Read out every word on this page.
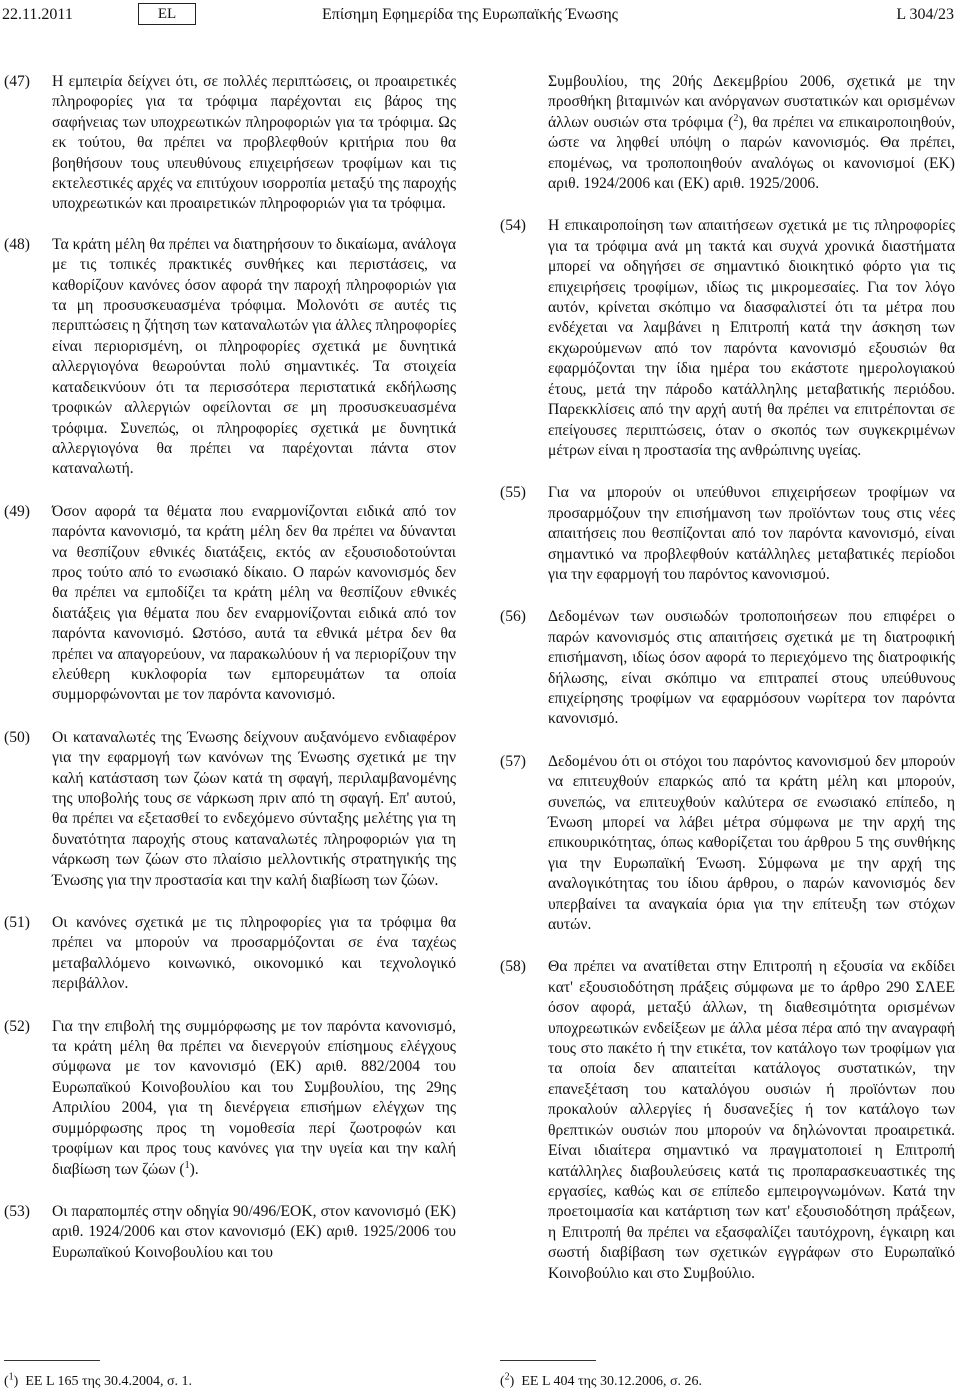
22.11.2011	EL	Επίσημη Εφημερίδα της Ευρωπαϊκής Ένωσης	L 304/23
(47)	Η εμπειρία δείχνει ότι, σε πολλές περιπτώσεις, οι προαιρετικές πληροφορίες για τα τρόφιμα παρέχονται εις βάρος της σαφήνειας των υποχρεωτικών πληροφοριών για τα τρόφιμα. Ως εκ τούτου, θα πρέπει να προβλεφθούν κριτήρια που θα βοηθήσουν τους υπευθύνους επιχειρήσεων τροφίμων και τις εκτελεστικές αρχές να επιτύχουν ισορροπία μεταξύ της παροχής υποχρεωτικών και προαιρετικών πληροφοριών για τα τρόφιμα.

(48)	Τα κράτη μέλη θα πρέπει να διατηρήσουν το δικαίωμα, ανάλογα με τις τοπικές πρακτικές συνθήκες και περιστάσεις, να καθορίζουν κανόνες όσον αφορά την παροχή πληροφοριών για τα μη προσυσκευασμένα τρόφιμα. Μολονότι σε αυτές τις περιπτώσεις η ζήτηση των καταναλωτών για άλλες πληροφορίες είναι περιορισμένη, οι πληροφορίες σχετικά με δυνητικά αλλεργιογόνα θεωρούνται πολύ σημαντικές. Τα στοιχεία καταδεικνύουν ότι τα περισσότερα περιστατικά εκδήλωσης τροφικών αλλεργιών οφείλονται σε μη προσυσκευασμένα τρόφιμα. Συνεπώς, οι πληροφορίες σχετικά με δυνητικά αλλεργιογόνα θα πρέπει να παρέχονται πάντα στον καταναλωτή.

(49)	Όσον αφορά τα θέματα που εναρμονίζονται ειδικά από τον παρόντα κανονισμό, τα κράτη μέλη δεν θα πρέπει να δύνανται να θεσπίζουν εθνικές διατάξεις, εκτός αν εξουσιοδοτούνται προς τούτο από το ενωσιακό δίκαιο. Ο παρών κανονισμός δεν θα πρέπει να εμποδίζει τα κράτη μέλη να θεσπίζουν εθνικές διατάξεις για θέματα που δεν εναρμονίζονται ειδικά από τον παρόντα κανονισμό. Ωστόσο, αυτά τα εθνικά μέτρα δεν θα πρέπει να απαγορεύουν, να παρακωλύουν ή να περιορίζουν την ελεύθερη κυκλοφορία των εμπορευμάτων τα οποία συμμορφώνονται με τον παρόντα κανονισμό.

(50)	Οι καταναλωτές της Ένωσης δείχνουν αυξανόμενο ενδιαφέρον για την εφαρμογή των κανόνων της Ένωσης σχετικά με την καλή κατάσταση των ζώων κατά τη σφαγή, περιλαμβανομένης της υποβολής τους σε νάρκωση πριν από τη σφαγή. Επ' αυτού, θα πρέπει να εξετασθεί το ενδεχόμενο σύνταξης μελέτης για τη δυνατότητα παροχής στους καταναλωτές πληροφοριών για τη νάρκωση των ζώων στο πλαίσιο μελλοντικής στρατηγικής της Ένωσης για την προστασία και την καλή διαβίωση των ζώων.

(51)	Οι κανόνες σχετικά με τις πληροφορίες για τα τρόφιμα θα πρέπει να μπορούν να προσαρμόζονται σε ένα ταχέως μεταβαλλόμενο κοινωνικό, οικονομικό και τεχνολογικό περιβάλλον.

(52)	Για την επιβολή της συμμόρφωσης με τον παρόντα κανονισμό, τα κράτη μέλη θα πρέπει να διενεργούν επίσημους ελέγχους σύμφωνα με τον κανονισμό (ΕΚ) αριθ. 882/2004 του Ευρωπαϊκού Κοινοβουλίου και του Συμβουλίου, της 29ης Απριλίου 2004, για τη διενέργεια επισήμων ελέγχων της συμμόρφωσης προς τη νομοθεσία περί ζωοτροφών και τροφίμων και προς τους κανόνες για την υγεία και την καλή διαβίωση των ζώων ($^1$).

(53)	Οι παραπομπές στην οδηγία 90/496/ΕΟΚ, στον κανονισμό (ΕΚ) αριθ. 1924/2006 και στον κανονισμό (ΕΚ) αριθ. 1925/2006 του Ευρωπαϊκού Κοινοβουλίου και του

Συμβουλίου, της 20ής Δεκεμβρίου 2006, σχετικά με την προσθήκη βιταμινών και ανόργανων συστατικών και ορισμένων άλλων ουσιών στα τρόφιμα ($^2$), θα πρέπει να επικαιροποιηθούν, ώστε να ληφθεί υπόψη ο παρών κανονισμός. Θα πρέπει, επομένως, να τροποποιηθούν αναλόγως οι κανονισμοί (ΕΚ) αριθ. 1924/2006 και (ΕΚ) αριθ. 1925/2006.

(54)	Η επικαιροποίηση των απαιτήσεων σχετικά με τις πληροφορίες για τα τρόφιμα ανά μη τακτά και συχνά χρονικά διαστήματα μπορεί να οδηγήσει σε σημαντικό διοικητικό φόρτο για τις επιχειρήσεις τροφίμων, ιδίως τις μικρομεσαίες. Για τον λόγο αυτόν, κρίνεται σκόπιμο να διασφαλιστεί ότι τα μέτρα που ενδέχεται να λαμβάνει η Επιτροπή κατά την άσκηση των εκχωρούμενων από τον παρόντα κανονισμό εξουσιών θα εφαρμόζονται την ίδια ημέρα του εκάστοτε ημερολογιακού έτους, μετά την πάροδο κατάλληλης μεταβατικής περιόδου. Παρεκκλίσεις από την αρχή αυτή θα πρέπει να επιτρέπονται σε επείγουσες περιπτώσεις, όταν ο σκοπός των συγκεκριμένων μέτρων είναι η προστασία της ανθρώπινης υγείας.

(55)	Για να μπορούν οι υπεύθυνοι επιχειρήσεων τροφίμων να προσαρμόζουν την επισήμανση των προϊόντων τους στις νέες απαιτήσεις που θεσπίζονται από τον παρόντα κανονισμό, είναι σημαντικό να προβλεφθούν κατάλληλες μεταβατικές περίοδοι για την εφαρμογή του παρόντος κανονισμού.

(56)	Δεδομένων των ουσιωδών τροποποιήσεων που επιφέρει ο παρών κανονισμός στις απαιτήσεις σχετικά με τη διατροφική επισήμανση, ιδίως όσον αφορά το περιεχόμενο της διατροφικής δήλωσης, είναι σκόπιμο να επιτραπεί στους υπεύθυνους επιχείρησης τροφίμων να εφαρμόσουν νωρίτερα τον παρόντα κανονισμό.

(57)	Δεδομένου ότι οι στόχοι του παρόντος κανονισμού δεν μπορούν να επιτευχθούν επαρκώς από τα κράτη μέλη και μπορούν, συνεπώς, να επιτευχθούν καλύτερα σε ενωσιακό επίπεδο, η Ένωση μπορεί να λάβει μέτρα σύμφωνα με την αρχή της επικουρικότητας, όπως καθορίζεται του άρθρου 5 της συνθήκης για την Ευρωπαϊκή Ένωση. Σύμφωνα με την αρχή της αναλογικότητας του ίδιου άρθρου, ο παρών κανονισμός δεν υπερβαίνει τα αναγκαία όρια για την επίτευξη των στόχων αυτών.

(58)	Θα πρέπει να ανατίθεται στην Επιτροπή η εξουσία να εκδίδει κατ' εξουσιοδότηση πράξεις σύμφωνα με το άρθρο 290 ΣΛΕΕ όσον αφορά, μεταξύ άλλων, τη διαθεσιμότητα ορισμένων υποχρεωτικών ενδείξεων με άλλα μέσα πέρα από την αναγραφή τους στο πακέτο ή την ετικέτα, τον κατάλογο των τροφίμων για τα οποία δεν απαιτείται κατάλογος συστατικών, την επανεξέταση του καταλόγου ουσιών ή προϊόντων που προκαλούν αλλεργίες ή δυσανεξίες ή τον κατάλογο των θρεπτικών ουσιών που μπορούν να δηλώνονται προαιρετικά. Είναι ιδιαίτερα σημαντικό να πραγματοποιεί η Επιτροπή κατάλληλες διαβουλεύσεις κατά τις προπαρασκευαστικές της εργασίες, καθώς και σε επίπεδο εμπειρογνωμόνων. Κατά την προετοιμασία και κατάρτιση των κατ' εξουσιοδότηση πράξεων, η Επιτροπή θα πρέπει να εξασφαλίζει ταυτόχρονη, έγκαιρη και σωστή διαβίβαση των σχετικών εγγράφων στο Ευρωπαϊκό Κοινοβούλιο και στο Συμβούλιο.

($^1$)  ΕΕ L 165 της 30.4.2004, σ. 1.	($^2$)  ΕΕ L 404 της 30.12.2006, σ. 26.
